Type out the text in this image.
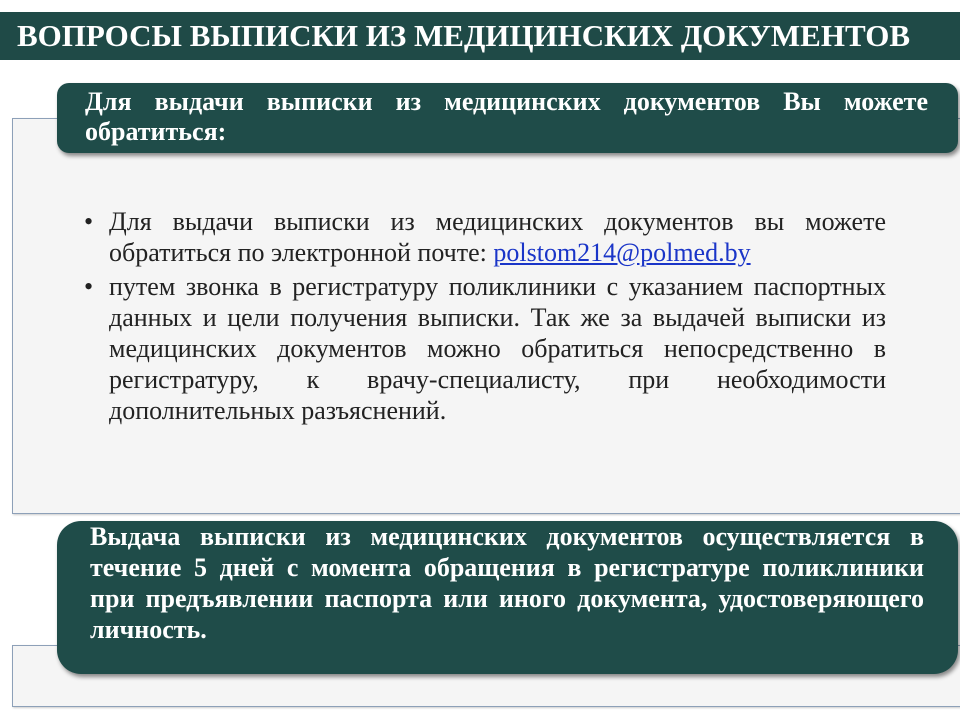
ВОПРОСЫ ВЫПИСКИ ИЗ МЕДИЦИНСКИХ ДОКУМЕНТОВ
Для выдачи выписки из медицинских документов Вы можете обратиться:
• Для выдачи выписки из медицинских документов вы можете обратиться по электронной почте: polstom214@polmed.by
• путем звонка в регистратуру поликлиники с указанием паспортных данных и цели получения выписки. Так же за выдачей выписки из медицинских документов можно обратиться непосредственно в регистратуру, к врачу-специалисту, при необходимости дополнительных разъяснений.
Выдача выписки из медицинских документов осуществляется в течение 5 дней с момента обращения в регистратуре поликлиники при предъявлении паспорта или иного документа, удостоверяющего личность.
